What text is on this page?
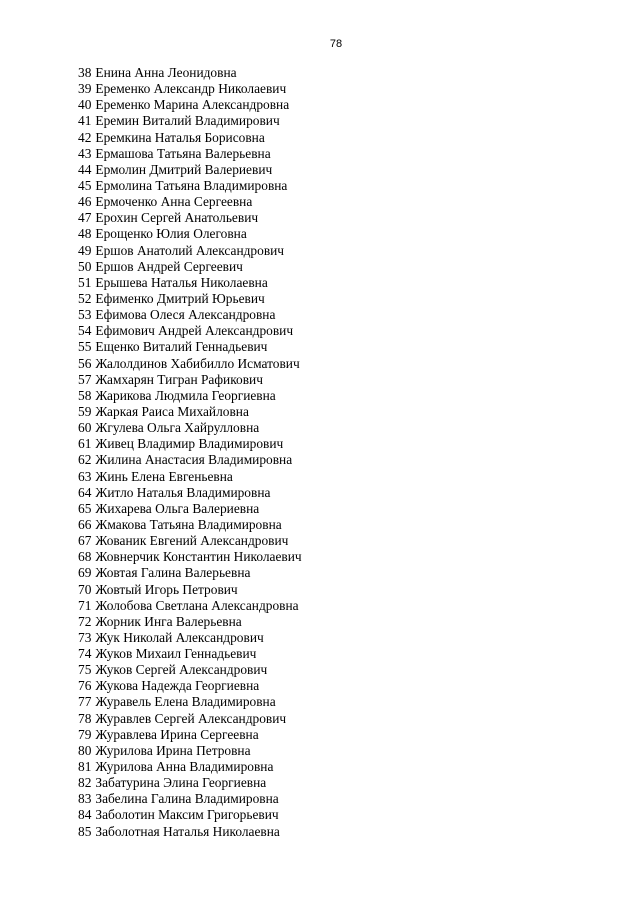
78
38 Енина Анна Леонидовна
39 Еременко Александр Николаевич
40 Еременко Марина Александровна
41 Еремин Виталий Владимирович
42 Еремкина Наталья Борисовна
43 Ермашова Татьяна Валерьевна
44 Ермолин Дмитрий Валериевич
45 Ермолина Татьяна Владимировна
46 Ермоченко Анна Сергеевна
47 Ерохин Сергей Анатольевич
48 Ерощенко Юлия Олеговна
49 Ершов Анатолий Александрович
50 Ершов Андрей Сергеевич
51 Ерышева Наталья Николаевна
52 Ефименко Дмитрий Юрьевич
53 Ефимова Олеся Александровна
54 Ефимович Андрей Александрович
55 Ещенко Виталий Геннадьевич
56 Жалолдинов Хабибилло Исматович
57 Жамхарян Тигран Рафикович
58 Жарикова Людмила Георгиевна
59 Жаркая Раиса Михайловна
60 Жгулева Ольга Хайрулловна
61 Живец Владимир Владимирович
62 Жилина Анастасия Владимировна
63 Жинь Елена Евгеньевна
64 Житло Наталья Владимировна
65 Жихарева Ольга Валериевна
66 Жмакова Татьяна Владимировна
67 Жованик Евгений Александрович
68 Жовнерчик Константин Николаевич
69 Жовтая Галина Валерьевна
70 Жовтый Игорь Петрович
71 Жолобова Светлана Александровна
72 Жорник Инга Валерьевна
73 Жук Николай Александрович
74 Жуков Михаил Геннадьевич
75 Жуков Сергей Александрович
76 Жукова Надежда Георгиевна
77 Журавель Елена Владимировна
78 Журавлев Сергей Александрович
79 Журавлева Ирина Сергеевна
80 Журилова Ирина Петровна
81 Журилова Анна Владимировна
82 Забатурина Элина Георгиевна
83 Забелина Галина Владимировна
84 Заболотин Максим Григорьевич
85 Заболотная Наталья Николаевна
